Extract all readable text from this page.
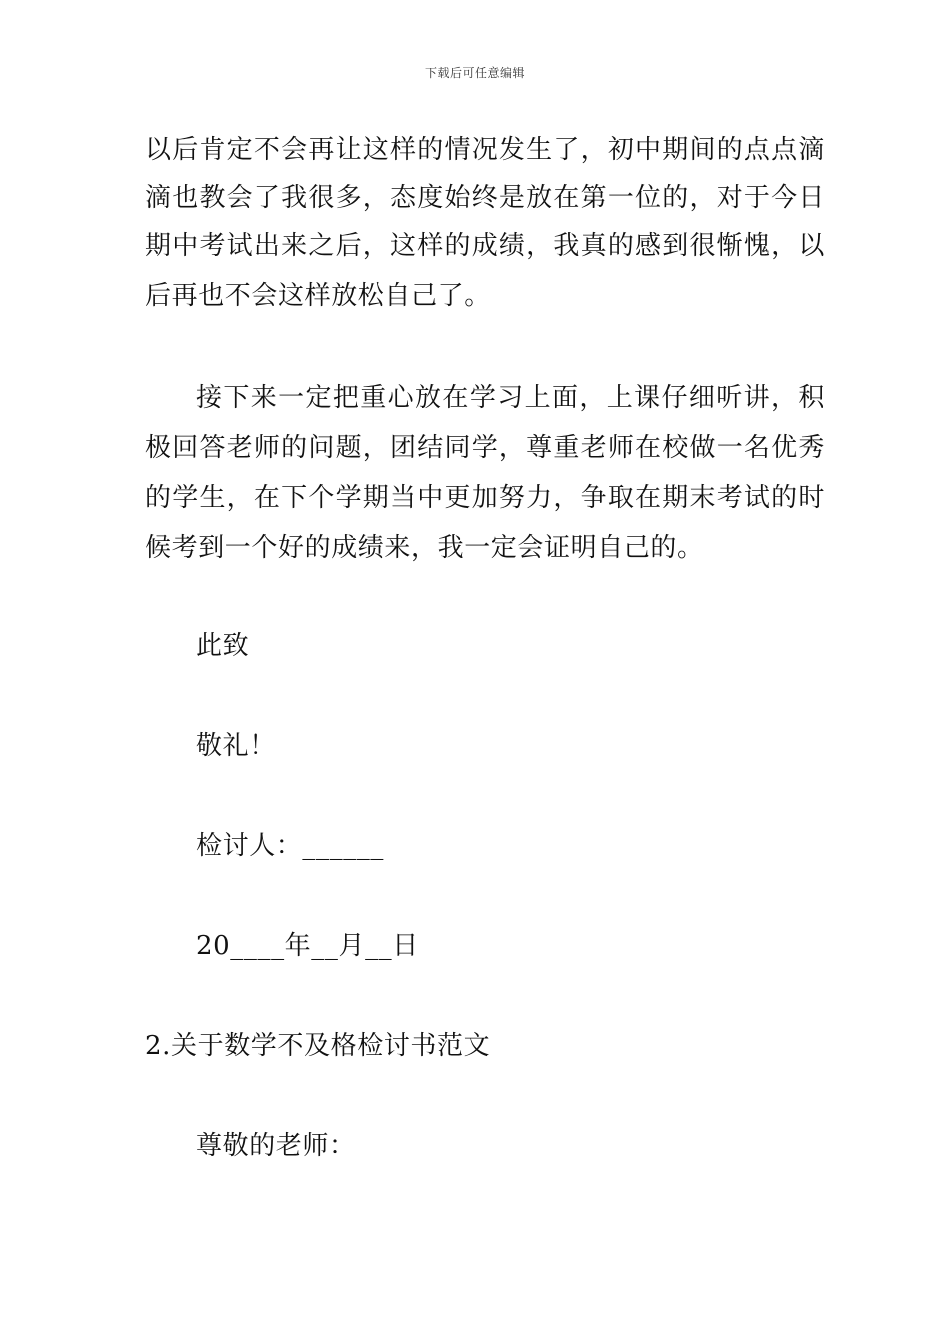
下载后可任意编辑
以后肯定不会再让这样的情况发生了，初中期间的点点滴
滴也教会了我很多，态度始终是放在第一位的，对于今日
期中考试出来之后，这样的成绩，我真的感到很惭愧，以
后再也不会这样放松自己了。
接下来一定把重心放在学习上面，上课仔细听讲，积
极回答老师的问题，团结同学，尊重老师在校做一名优秀
的学生，在下个学期当中更加努力，争取在期末考试的时
候考到一个好的成绩来，我一定会证明自己的。
此致
敬礼！
检讨人：______
20____年__月__日
2.关于数学不及格检讨书范文
尊敬的老师：
